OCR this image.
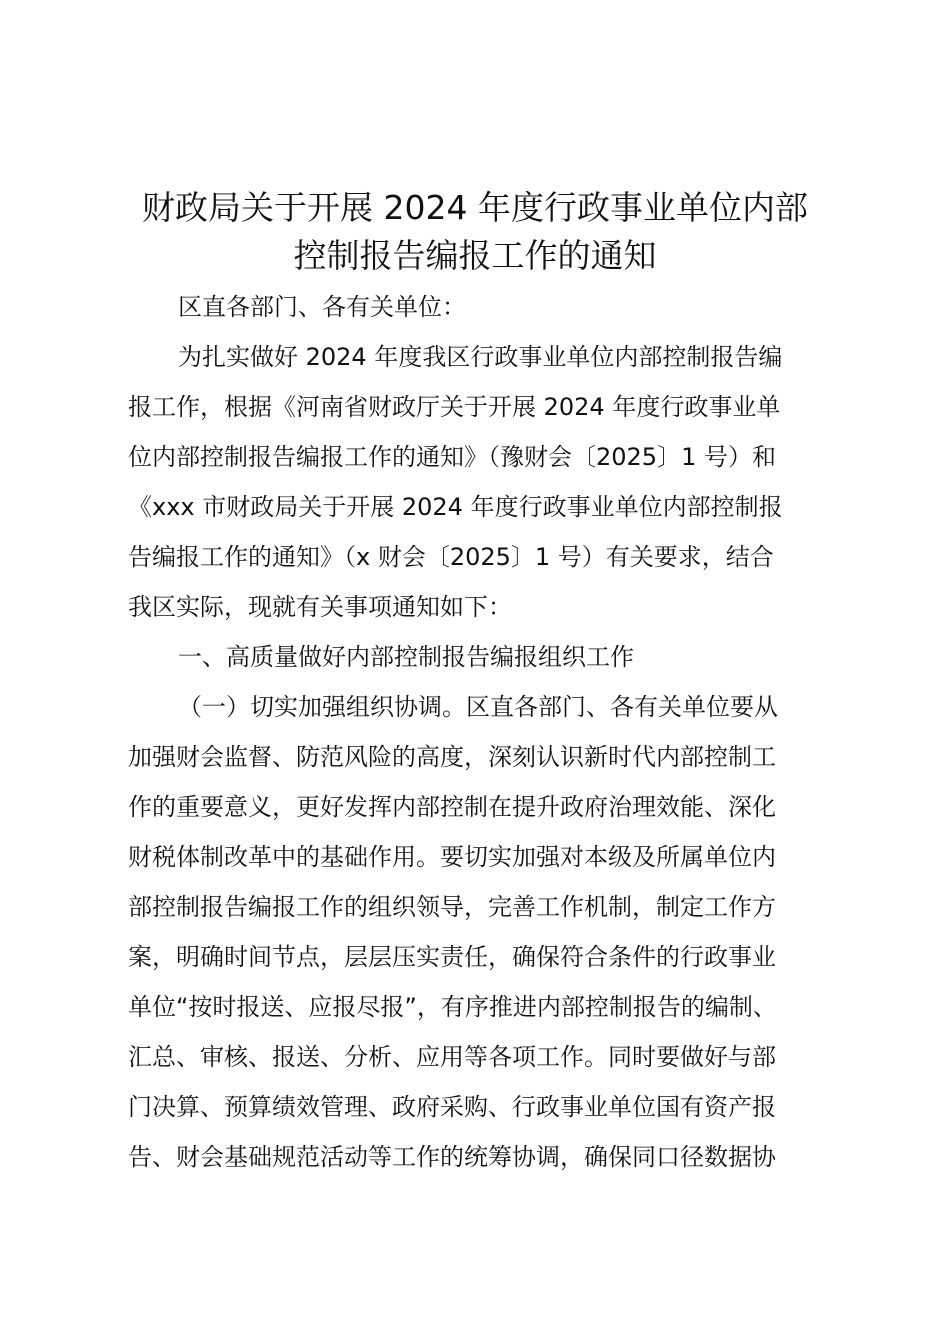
财政局关于开展 2024 年度行政事业单位内部
控制报告编报工作的通知
区直各部门、各有关单位：
为扎实做好 2024 年度我区行政事业单位内部控制报告编
报工作，根据《河南省财政厅关于开展 2024 年度行政事业单
位内部控制报告编报工作的通知》（豫财会〔2025〕1 号）和
《xxx 市财政局关于开展 2024 年度行政事业单位内部控制报
告编报工作的通知》（x 财会〔2025〕1 号）有关要求，结合
我区实际，现就有关事项通知如下：
一、高质量做好内部控制报告编报组织工作
（一）切实加强组织协调。区直各部门、各有关单位要从
加强财会监督、防范风险的高度，深刻认识新时代内部控制工
作的重要意义，更好发挥内部控制在提升政府治理效能、深化
财税体制改革中的基础作用。要切实加强对本级及所属单位内
部控制报告编报工作的组织领导，完善工作机制，制定工作方
案，明确时间节点，层层压实责任，确保符合条件的行政事业
单位“按时报送、应报尽报”，有序推进内部控制报告的编制、
汇总、审核、报送、分析、应用等各项工作。同时要做好与部
门决算、预算绩效管理、政府采购、行政事业单位国有资产报
告、财会基础规范活动等工作的统筹协调，确保同口径数据协
